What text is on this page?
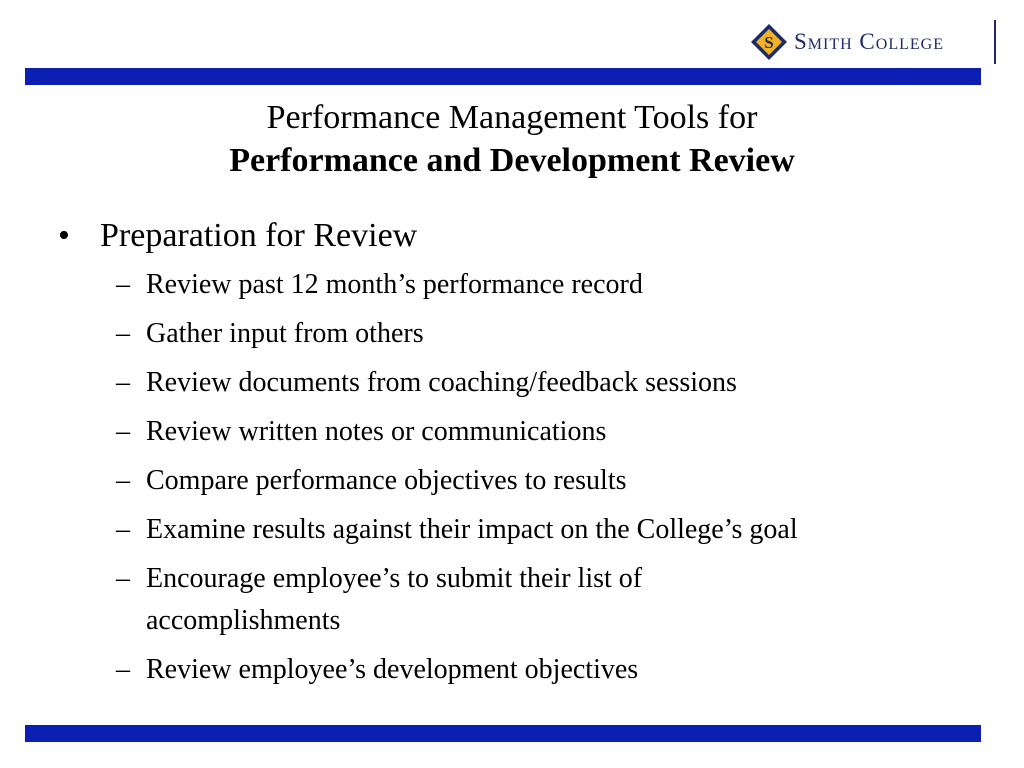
S Smith College
Performance Management Tools for
Performance and Development Review
• Preparation for Review
– Review past 12 month’s performance record
– Gather input from others
– Review documents from coaching/feedback sessions
– Review written notes or communications
– Compare performance objectives to results
– Examine results against their impact on the College’s goal
– Encourage employee’s to submit their list of accomplishments
– Review employee’s development objectives
